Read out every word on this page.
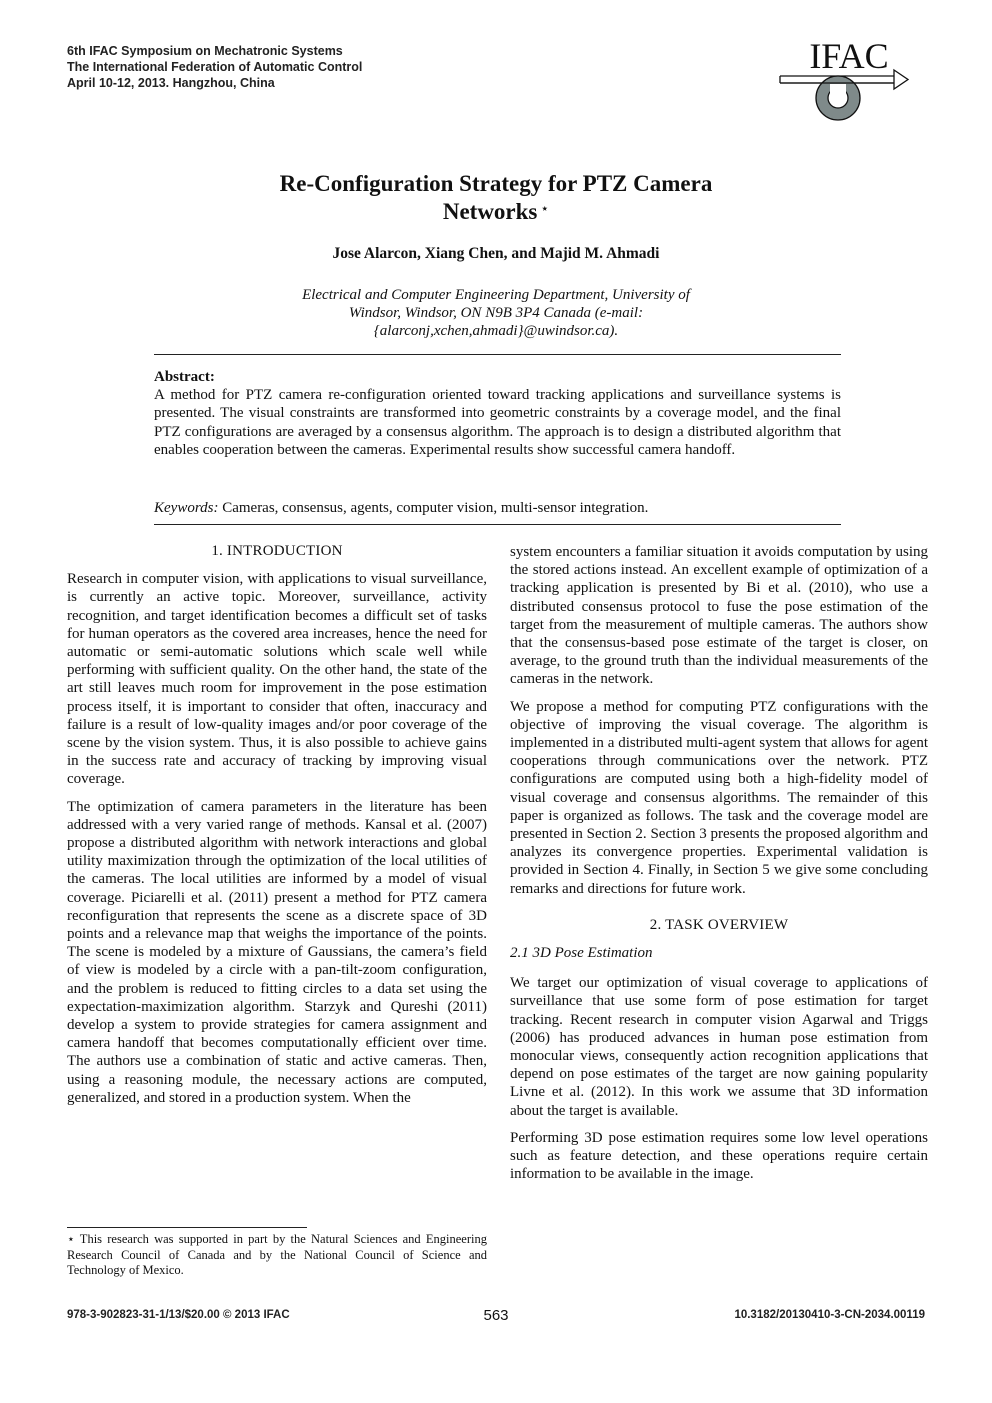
6th IFAC Symposium on Mechatronic Systems
The International Federation of Automatic Control
April 10-12, 2013. Hangzhou, China
IFAC
Re-Configuration Strategy for PTZ Camera
Networks ⋆
Jose Alarcon, Xiang Chen, and Majid M. Ahmadi
Electrical and Computer Engineering Department, University of
Windsor, Windsor, ON N9B 3P4 Canada (e-mail:
{alarconj,xchen,ahmadi}@uwindsor.ca).
Abstract:
A method for PTZ camera re-configuration oriented toward tracking applications and surveillance systems is presented. The visual constraints are transformed into geometric constraints by a coverage model, and the final PTZ configurations are averaged by a consensus algorithm. The approach is to design a distributed algorithm that enables cooperation between the cameras. Experimental results show successful camera handoff.
Keywords: Cameras, consensus, agents, computer vision, multi-sensor integration.
1. INTRODUCTION

Research in computer vision, with applications to visual surveillance, is currently an active topic. Moreover, surveillance, activity recognition, and target identification becomes a difficult set of tasks for human operators as the covered area increases, hence the need for automatic or semi-automatic solutions which scale well while performing with sufficient quality. On the other hand, the state of the art still leaves much room for improvement in the pose estimation process itself, it is important to consider that often, inaccuracy and failure is a result of low-quality images and/or poor coverage of the scene by the vision system. Thus, it is also possible to achieve gains in the success rate and accuracy of tracking by improving visual coverage.

The optimization of camera parameters in the literature has been addressed with a very varied range of methods. Kansal et al. (2007) propose a distributed algorithm with network interactions and global utility maximization through the optimization of the local utilities of the cameras. The local utilities are informed by a model of visual coverage. Piciarelli et al. (2011) present a method for PTZ camera reconfiguration that represents the scene as a discrete space of 3D points and a relevance map that weighs the importance of the points. The scene is modeled by a mixture of Gaussians, the camera’s field of view is modeled by a circle with a pan-tilt-zoom configuration, and the problem is reduced to fitting circles to a data set using the expectation-maximization algorithm. Starzyk and Qureshi (2011) develop a system to provide strategies for camera assignment and camera handoff that becomes computationally efficient over time. The authors use a combination of static and active cameras. Then, using a reasoning module, the necessary actions are computed, generalized, and stored in a production system. When the

system encounters a familiar situation it avoids computation by using the stored actions instead. An excellent example of optimization of a tracking application is presented by Bi et al. (2010), who use a distributed consensus protocol to fuse the pose estimation of the target from the measurement of multiple cameras. The authors show that the consensus-based pose estimate of the target is closer, on average, to the ground truth than the individual measurements of the cameras in the network.

We propose a method for computing PTZ configurations with the objective of improving the visual coverage. The algorithm is implemented in a distributed multi-agent system that allows for agent cooperations through communications over the network. PTZ configurations are computed using both a high-fidelity model of visual coverage and consensus algorithms. The remainder of this paper is organized as follows. The task and the coverage model are presented in Section 2. Section 3 presents the proposed algorithm and analyzes its convergence properties. Experimental validation is provided in Section 4. Finally, in Section 5 we give some concluding remarks and directions for future work.

2. TASK OVERVIEW
2.1 3D Pose Estimation

We target our optimization of visual coverage to applications of surveillance that use some form of pose estimation for target tracking. Recent research in computer vision Agarwal and Triggs (2006) has produced advances in human pose estimation from monocular views, consequently action recognition applications that depend on pose estimates of the target are now gaining popularity Livne et al. (2012). In this work we assume that 3D information about the target is available.

Performing 3D pose estimation requires some low level operations such as feature detection, and these operations require certain information to be available in the image.

⋆ This research was supported in part by the Natural Sciences and Engineering Research Council of Canada and by the National Council of Science and Technology of Mexico.
978-3-902823-31-1/13/$20.00 © 2013 IFAC	563	10.3182/20130410-3-CN-2034.00119
